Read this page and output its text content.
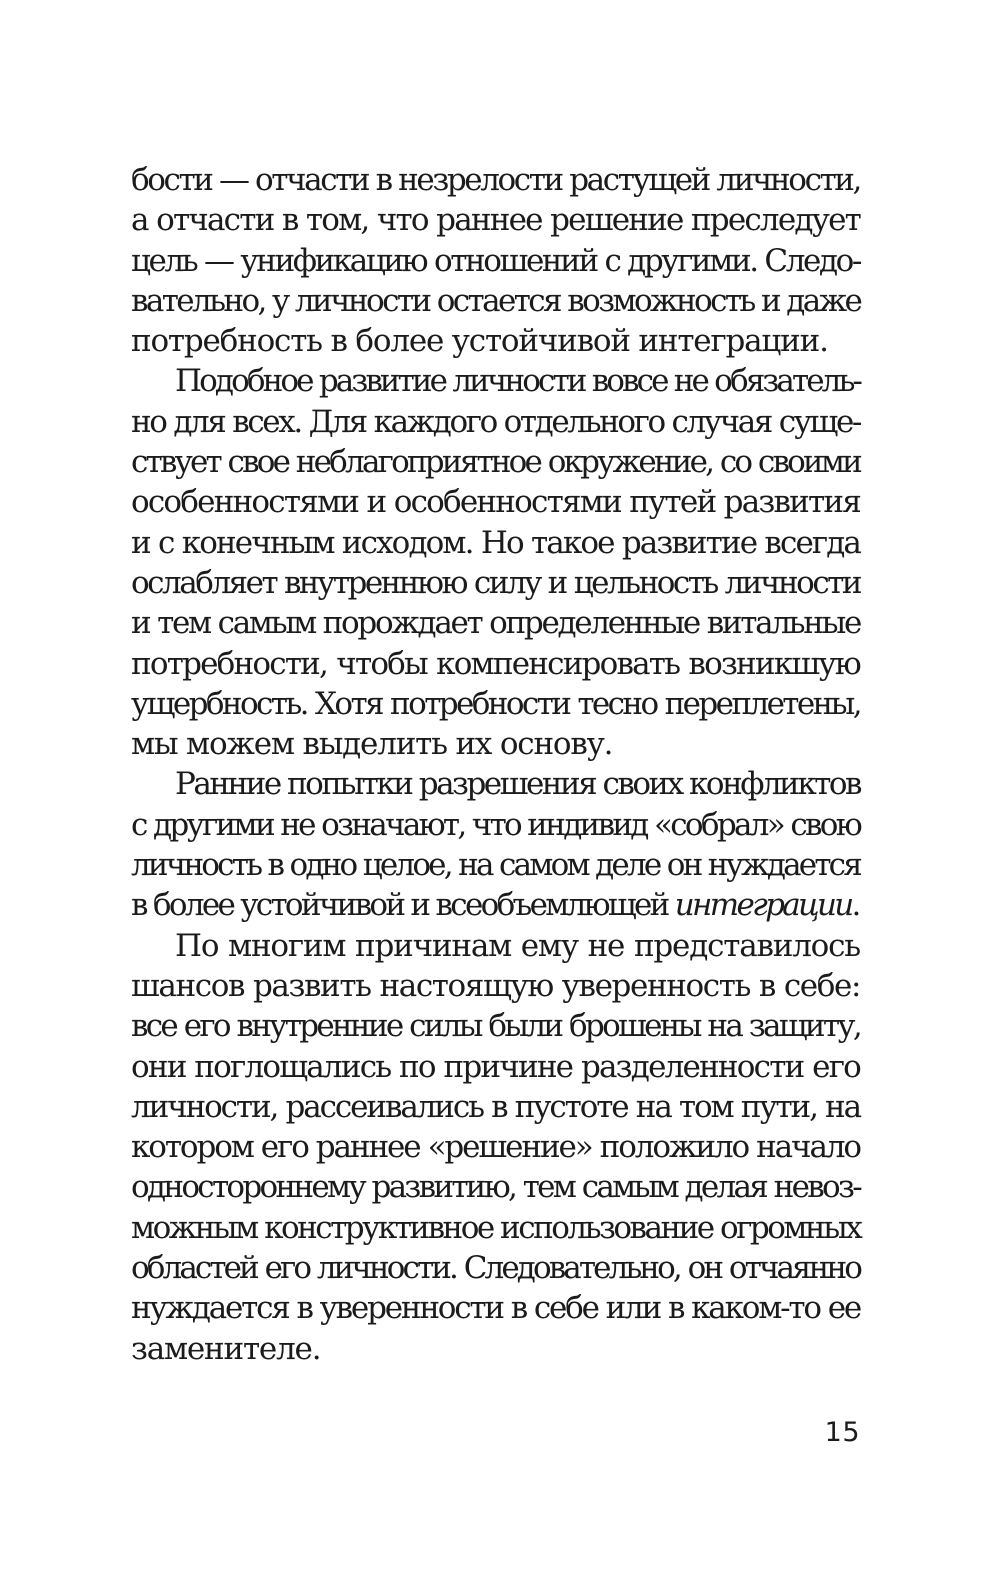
бости — отчасти в незрелости растущей личности,
а отчасти в том, что раннее решение преследует
цель — унификацию отношений с другими. Следо-
вательно, у личности остается возможность и даже
потребность в более устойчивой интеграции.
Подобное развитие личности вовсе не обязатель-
но для всех. Для каждого отдельного случая суще-
ствует свое неблагоприятное окружение, со своими
особенностями и особенностями путей развития
и с конечным исходом. Но такое развитие всегда
ослабляет внутреннюю силу и цельность личности
и тем самым порождает определенные витальные
потребности, чтобы компенсировать возникшую
ущербность. Хотя потребности тесно переплетены,
мы можем выделить их основу.
Ранние попытки разрешения своих конфликтов
с другими не означают, что индивид «собрал» свою
личность в одно целое, на самом деле он нуждается
в более устойчивой и всеобъемлющей интеграции.
По многим причинам ему не представилось
шансов развить настоящую уверенность в себе:
все его внутренние силы были брошены на защиту,
они поглощались по причине разделенности его
личности, рассеивались в пустоте на том пути, на
котором его раннее «решение» положило начало
одностороннему развитию, тем самым делая невоз-
можным конструктивное использование огромных
областей его личности. Следовательно, он отчаянно
нуждается в уверенности в себе или в каком-то ее
заменителе.
15
